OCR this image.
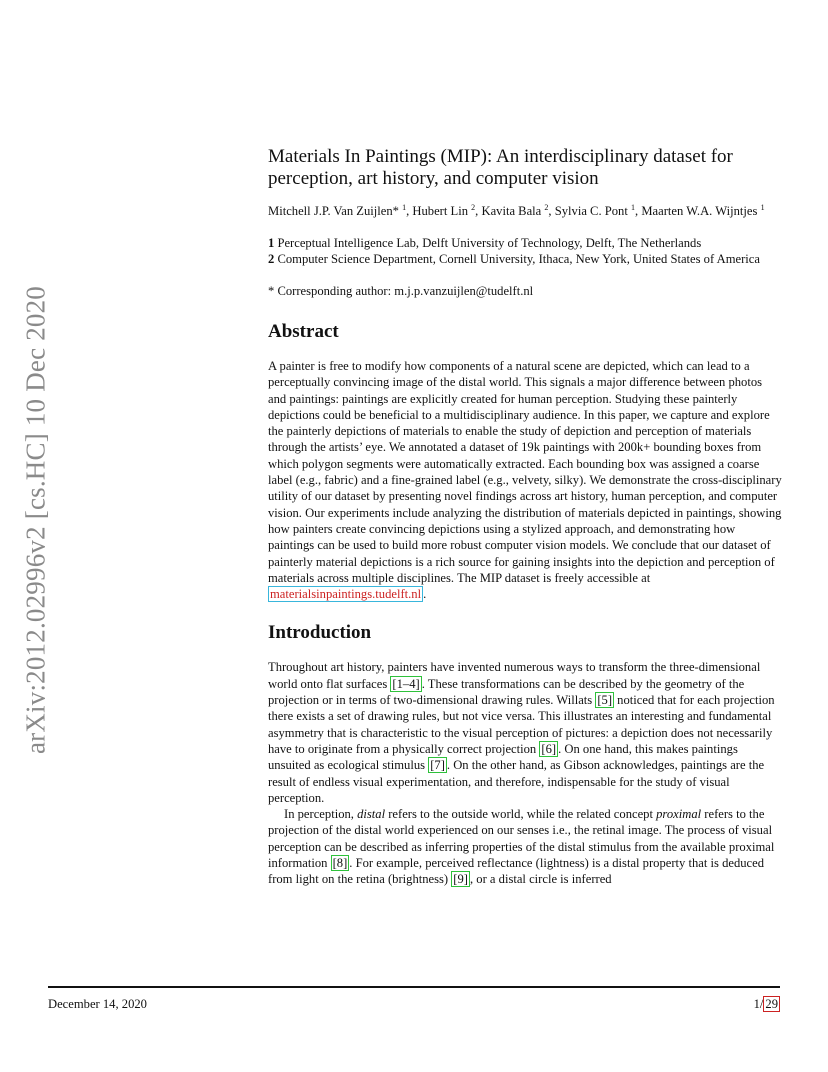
arXiv:2012.02996v2 [cs.HC] 10 Dec 2020
Materials In Paintings (MIP): An interdisciplinary dataset for perception, art history, and computer vision
Mitchell J.P. Van Zuijlen* $^1$, Hubert Lin $^2$, Kavita Bala $^2$, Sylvia C. Pont $^1$, Maarten W.A. Wijntjes $^1$
1 Perceptual Intelligence Lab, Delft University of Technology, Delft, The Netherlands
2 Computer Science Department, Cornell University, Ithaca, New York, United States of America
* Corresponding author: m.j.p.vanzuijlen@tudelft.nl
Abstract

A painter is free to modify how components of a natural scene are depicted, which can lead to a perceptually convincing image of the distal world. This signals a major difference between photos and paintings: paintings are explicitly created for human perception. Studying these painterly depictions could be beneficial to a multidisciplinary audience. In this paper, we capture and explore the painterly depictions of materials to enable the study of depiction and perception of materials through the artists’ eye. We annotated a dataset of 19k paintings with 200k+ bounding boxes from which polygon segments were automatically extracted. Each bounding box was assigned a coarse label (e.g., fabric) and a fine-grained label (e.g., velvety, silky). We demonstrate the cross-disciplinary utility of our dataset by presenting novel findings across art history, human perception, and computer vision. Our experiments include analyzing the distribution of materials depicted in paintings, showing how painters create convincing depictions using a stylized approach, and demonstrating how paintings can be used to build more robust computer vision models. We conclude that our dataset of painterly material depictions is a rich source for gaining insights into the depiction and perception of materials across multiple disciplines. The MIP dataset is freely accessible at materialsinpaintings.tudelft.nl .

Introduction

Throughout art history, painters have invented numerous ways to transform the three-dimensional world onto flat surfaces [1–4] . These transformations can be described by the geometry of the projection or in terms of two-dimensional drawing rules. Willats [5] noticed that for each projection there exists a set of drawing rules, but not vice versa. This illustrates an interesting and fundamental asymmetry that is characteristic to the visual perception of pictures: a depiction does not necessarily have to originate from a physically correct projection [6] . On one hand, this makes paintings unsuited as ecological stimulus [7] . On the other hand, as Gibson acknowledges, paintings are the result of endless visual experimentation, and therefore, indispensable for the study of visual perception.

In perception, distal refers to the outside world, while the related concept proximal refers to the projection of the distal world experienced on our senses i.e., the retinal image. The process of visual perception can be described as inferring properties of the distal stimulus from the available proximal information [8] . For example, perceived reflectance (lightness) is a distal property that is deduced from light on the retina (brightness) [9] , or a distal circle is inferred

December 14, 2020	1/ 29
